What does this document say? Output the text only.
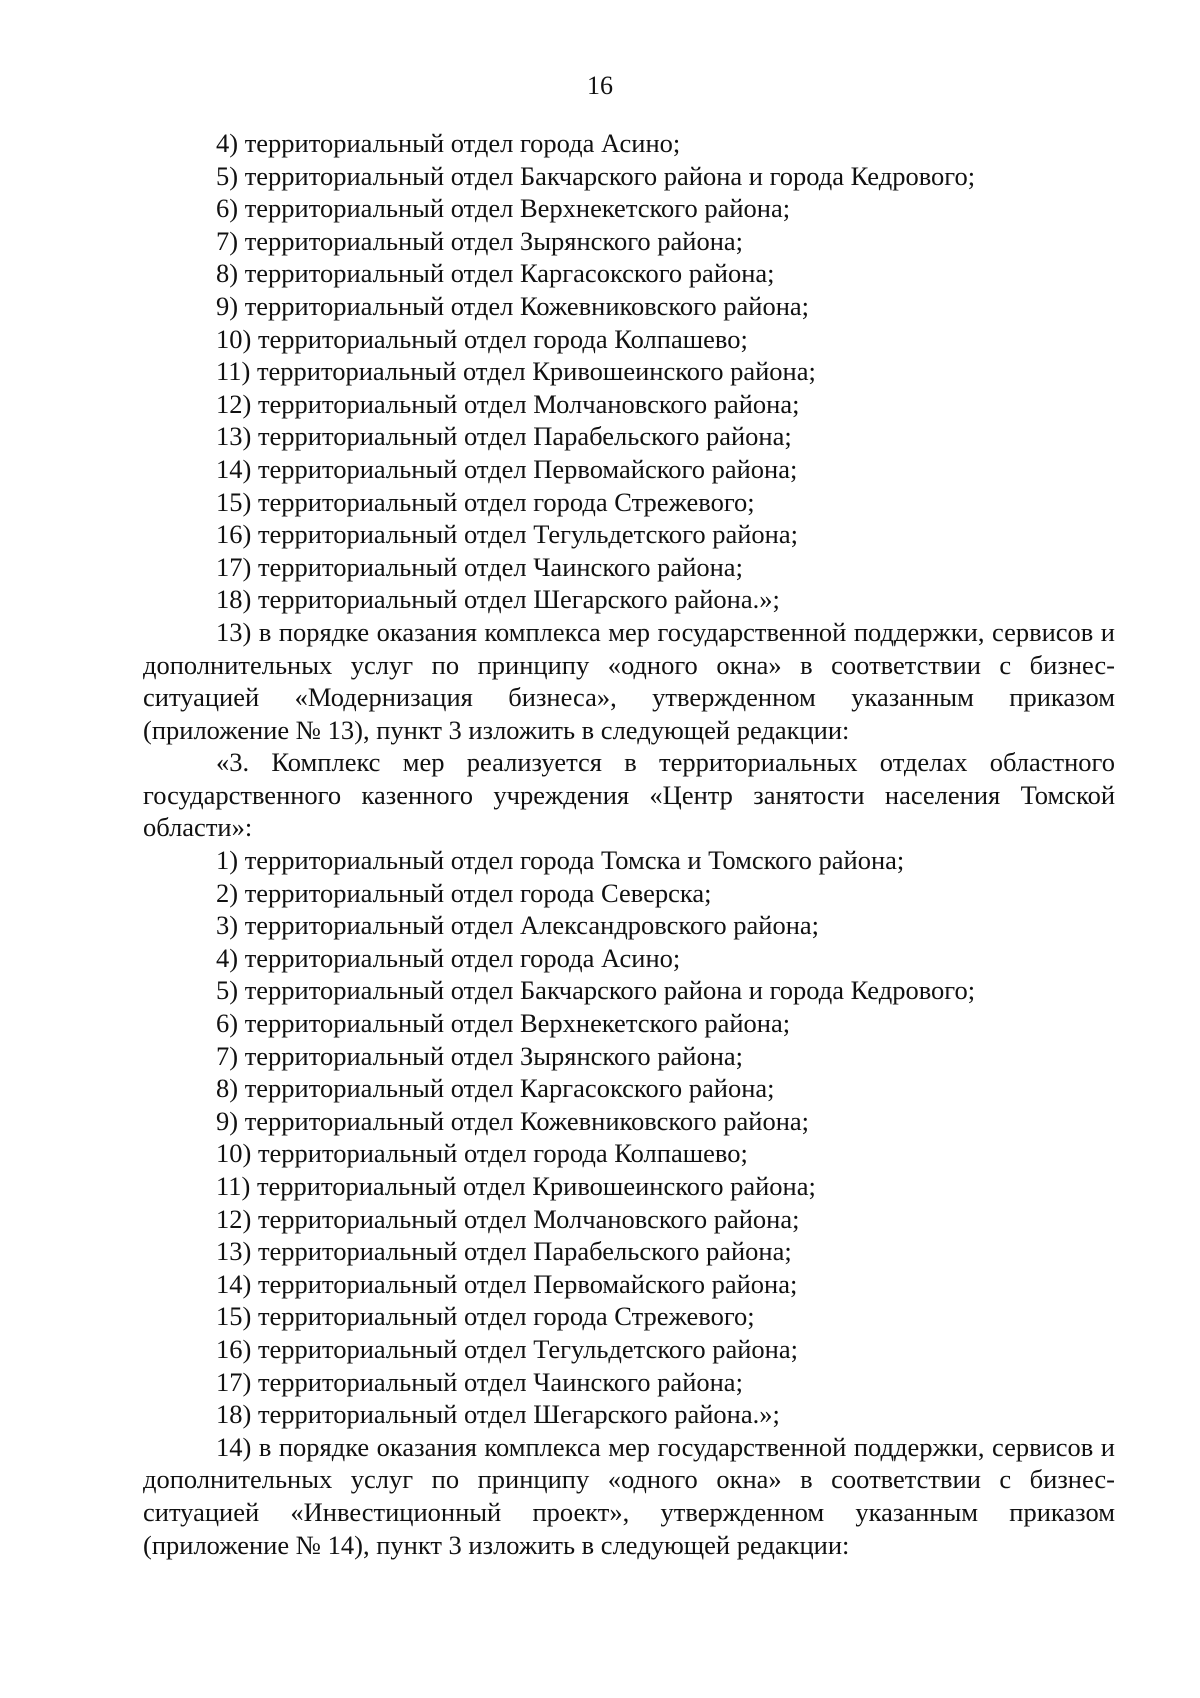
16

4) территориальный отдел города Асино;

5) территориальный отдел Бакчарского района и города Кедрового;

6) территориальный отдел Верхнекетского района;

7) территориальный отдел Зырянского района;

8) территориальный отдел Каргасокского района;

9) территориальный отдел Кожевниковского района;

10) территориальный отдел города Колпашево;

11) территориальный отдел Кривошеинского района;

12) территориальный отдел Молчановского района;

13) территориальный отдел Парабельского района;

14) территориальный отдел Первомайского района;

15) территориальный отдел города Стрежевого;

16) территориальный отдел Тегульдетского района;

17) территориальный отдел Чаинского района;

18) территориальный отдел Шегарского района.»;

13) в порядке оказания комплекса мер государственной поддержки, сервисов и дополнительных услуг по принципу «одного окна» в соответствии с бизнес-ситуацией «Модернизация бизнеса», утвержденном указанным приказом (приложение № 13), пункт 3 изложить в следующей редакции:

«3. Комплекс мер реализуется в территориальных отделах областного государственного казенного учреждения «Центр занятости населения Томской области»:

1) территориальный отдел города Томска и Томского района;

2) территориальный отдел города Северска;

3) территориальный отдел Александровского района;

4) территориальный отдел города Асино;

5) территориальный отдел Бакчарского района и города Кедрового;

6) территориальный отдел Верхнекетского района;

7) территориальный отдел Зырянского района;

8) территориальный отдел Каргасокского района;

9) территориальный отдел Кожевниковского района;

10) территориальный отдел города Колпашево;

11) территориальный отдел Кривошеинского района;

12) территориальный отдел Молчановского района;

13) территориальный отдел Парабельского района;

14) территориальный отдел Первомайского района;

15) территориальный отдел города Стрежевого;

16) территориальный отдел Тегульдетского района;

17) территориальный отдел Чаинского района;

18) территориальный отдел Шегарского района.»;

14) в порядке оказания комплекса мер государственной поддержки, сервисов и дополнительных услуг по принципу «одного окна» в соответствии с бизнес-ситуацией «Инвестиционный проект», утвержденном указанным приказом (приложение № 14), пункт 3 изложить в следующей редакции:
